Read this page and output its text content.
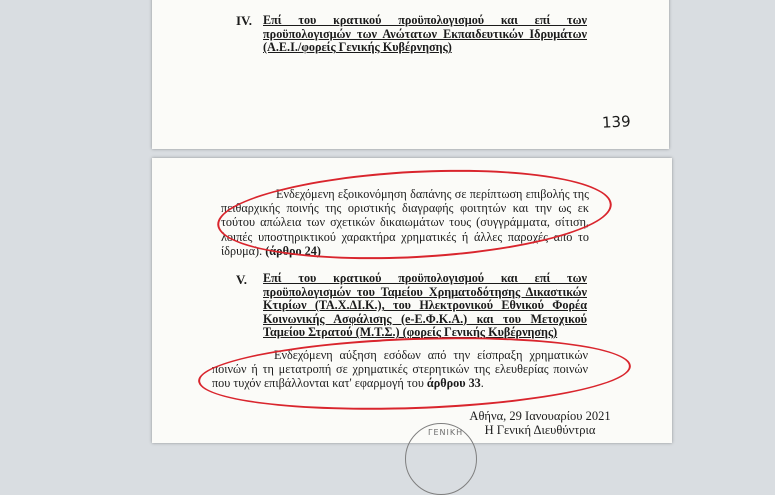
IV. Επί του κρατικού προϋπολογισμού και επί των προϋπολογισμών των Ανώτατων Εκπαιδευτικών Ιδρυμάτων (Α.Ε.Ι./φορείς Γενικής Κυβέρνησης)
139
Ενδεχόμενη εξοικονόμηση δαπάνης σε περίπτωση επιβολής της πειθαρχικής ποινής της οριστικής διαγραφής φοιτητών και την ως εκ τούτου απώλεια των σχετικών δικαιωμάτων τους (συγγράμματα, σίτιση, λοιπές υποστηρικτικού χαρακτήρα χρηματικές ή άλλες παροχές από το ίδρυμα). (άρθρο 24)
V. Επί του κρατικού προϋπολογισμού και επί των προϋπολογισμών του Ταμείου Χρηματοδότησης Δικαστικών Κτιρίων (ΤΑ.Χ.ΔΙ.Κ.), του Ηλεκτρονικού Εθνικού Φορέα Κοινωνικής Ασφάλισης (e-Ε.Φ.Κ.Α.) και του Μετοχικού Ταμείου Στρατού (Μ.Τ.Σ.) (φορείς Γενικής Κυβέρνησης)
Ενδεχόμενη αύξηση εσόδων από την είσπραξη χρηματικών ποινών ή τη μετατροπή σε χρηματικές στερητικών της ελευθερίας ποινών που τυχόν επιβάλλονται κατ' εφαρμογή του άρθρου 33.
Αθήνα, 29 Ιανουαρίου 2021
Η Γενική Διευθύντρια
ΓΕΝΙΚΗ
